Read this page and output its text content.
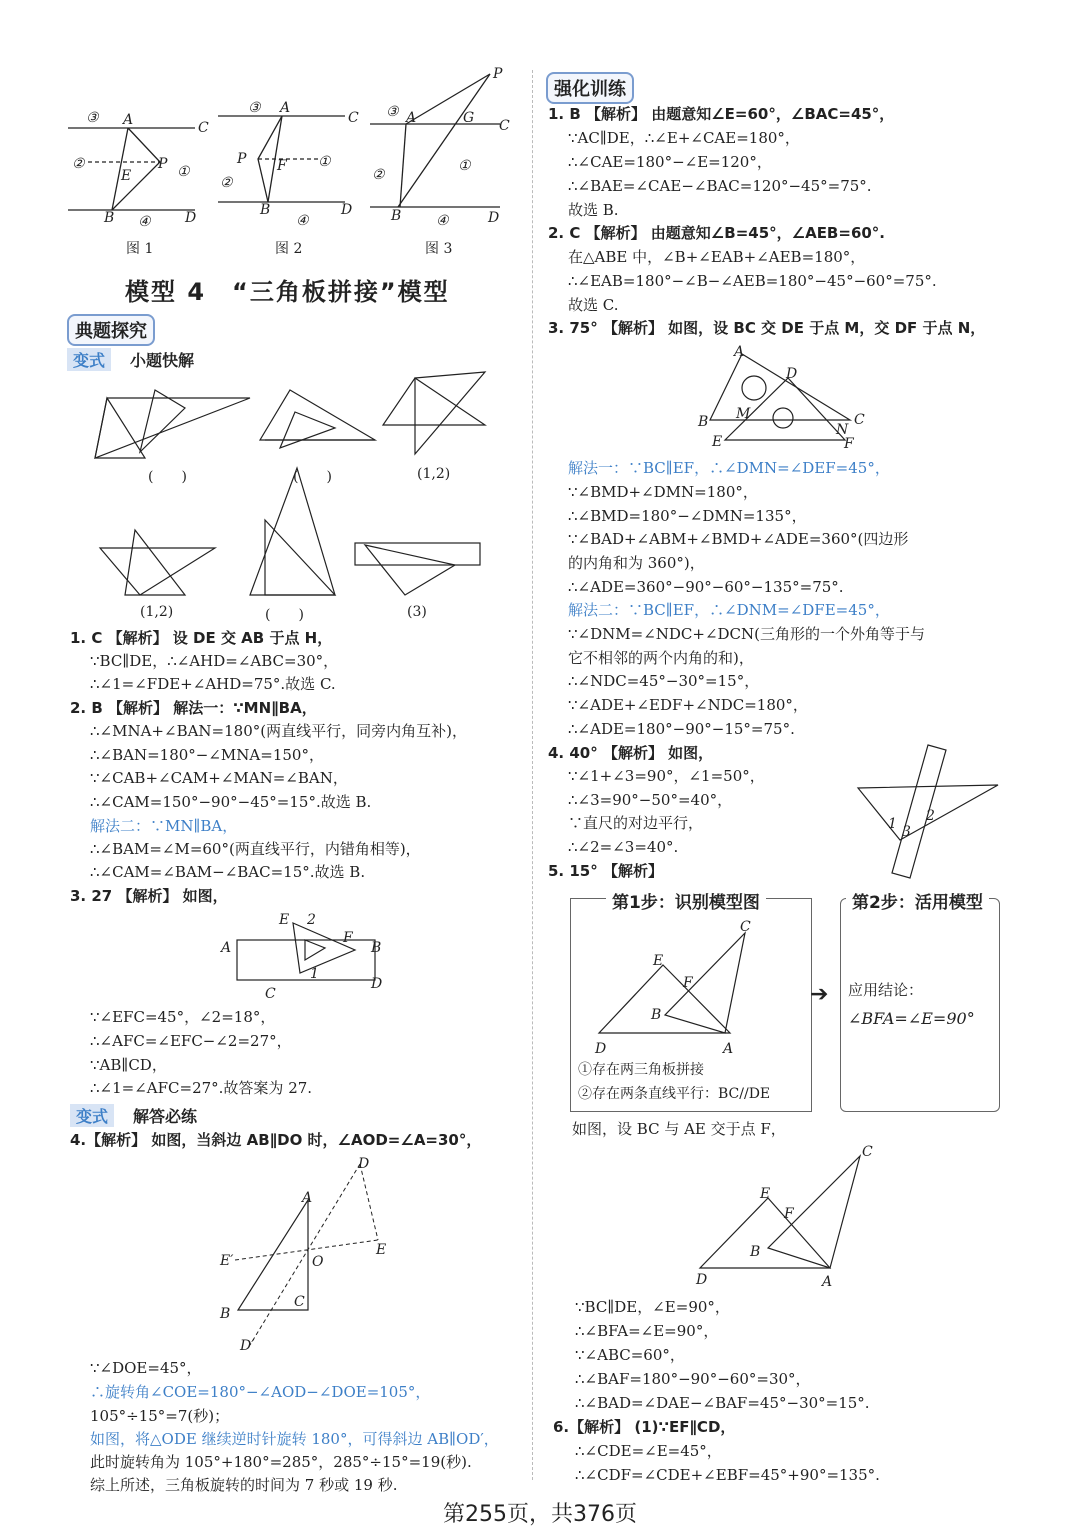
③ A	C
②
E
P ①
B ④ D
③ A
C
P F ①
②
B
④
D
P
③ A	G C
①
②
B ④	D
图 1	图 2	图 3
模型 4　“三角板拼接”模型
典题探究
变式	小题快解
(　　)	(　　)	(1,2)
(1,2)	(　　)	(3)
1. C 【解析】 设 DE 交 AB 于点 H，
∵BC∥DE，∴∠AHD=∠ABC=30°，
∴∠1=∠FDE+∠AHD=75°.故选 C.
2. B 【解析】 解法一：∵MN∥BA，
∴∠MNA+∠BAN=180°(两直线平行，同旁内角互补)，
∴∠BAN=180°−∠MNA=150°，
∵∠CAB+∠CAM+∠MAN=∠BAN，
∴∠CAM=150°−90°−45°=15°.故选 B.
解法二：∵MN∥BA，
∴∠BAM=∠M=60°(两直线平行，内错角相等)，
∴∠CAM=∠BAM−∠BAC=15°.故选 B.
3. 27 【解析】 如图，
E 2
A
F
B
1
C
D
∵∠EFC=45°，∠2=18°，
∴∠AFC=∠EFC−∠2=27°，
∵AB∥CD，
∴∠1=∠AFC=27°.故答案为 27.
变式	解答必练
4.【解析】 如图，当斜边 AB∥DO 时，∠AOD=∠A=30°，
D
A
E′	O
E
C
B
D′
∵∠DOE=45°，
∴旋转角∠COE=180°−∠AOD−∠DOE=105°，
105°÷15°=7(秒)；
如图，将△ODE 继续逆时针旋转 180°，可得斜边 AB∥OD′，
此时旋转角为 105°+180°=285°，285°÷15°=19(秒).
综上所述，三角板旋转的时间为 7 秒或 19 秒.
强化训练
1. B 【解析】 由题意知∠E=60°，∠BAC=45°，
∵AC∥DE，∴∠E+∠CAE=180°，
∴∠CAE=180°−∠E=120°，
∴∠BAE=∠CAE−∠BAC=120°−45°=75°.
故选 B.
2. C 【解析】 由题意知∠B=45°，∠AEB=60°.
在△ABE 中，∠B+∠EAB+∠AEB=180°，
∴∠EAB=180°−∠B−∠AEB=180°−45°−60°=75°.
故选 C.
3. 75° 【解析】 如图，设 BC 交 DE 于点 M，交 DF 于点 N，
A
D
B M
N
C
E	F
解法一：∵BC∥EF，∴∠DMN=∠DEF=45°，
∵∠BMD+∠DMN=180°，
∴∠BMD=180°−∠DMN=135°，
∵∠BAD+∠ABM+∠BMD+∠ADE=360°(四边形
的内角和为 360°)，
∴∠ADE=360°−90°−60°−135°=75°.
解法二：∵BC∥EF，∴∠DNM=∠DFE=45°，
∵∠DNM=∠NDC+∠DCN(三角形的一个外角等于与
它不相邻的两个内角的和)，
∴∠NDC=45°−30°=15°，
∵∠ADE+∠EDF+∠NDC=180°，
∴∠ADE=180°−90°−15°=75°.
4. 40° 【解析】 如图，
∵∠1+∠3=90°，∠1=50°，
∴∠3=90°−50°=40°，
∵直尺的对边平行，
∴∠2=∠3=40°.
5. 15° 【解析】
1 3
2
第1步：识别模型图
C
E
F
B
D	A
①存在两三角板拼接
②存在两条直线平行：BC//DE
➔
第2步：活用模型
应用结论：
∠BFA=∠E=90°
如图，设 BC 与 AE 交于点 F，
C
E
F
B
D	A
∵BC∥DE，∠E=90°，
∴∠BFA=∠E=90°，
∵∠ABC=60°，
∴∠BAF=180°−90°−60°=30°，
∴∠BAD=∠DAE−∠BAF=45°−30°=15°.
6.【解析】 (1)∵EF∥CD，
∴∠CDE=∠E=45°，
∴∠CDF=∠CDE+∠EBF=45°+90°=135°.
第255页，共376页
